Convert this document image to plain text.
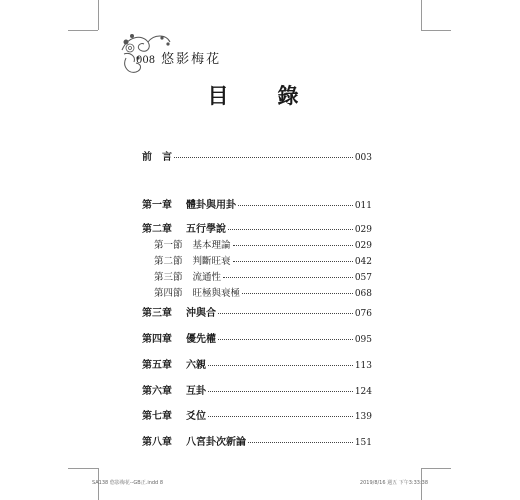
008 悠影梅花
目　錄
前　言	003
第一章 體卦與用卦	011
第二章 五行學說	029
第一節 基本理論	029
第二節 判斷旺衰	042
第三節 流通性	057
第四節 旺極與衰極	068
第三章 沖與合	076
第四章 優先權	095
第五章 六親	113
第六章 互卦	124
第七章 爻位	139
第八章 八宮卦次新論	151
SA138 悠影梅花--GB正.indd 8	2019/8/16 週五 下午3:33:38
